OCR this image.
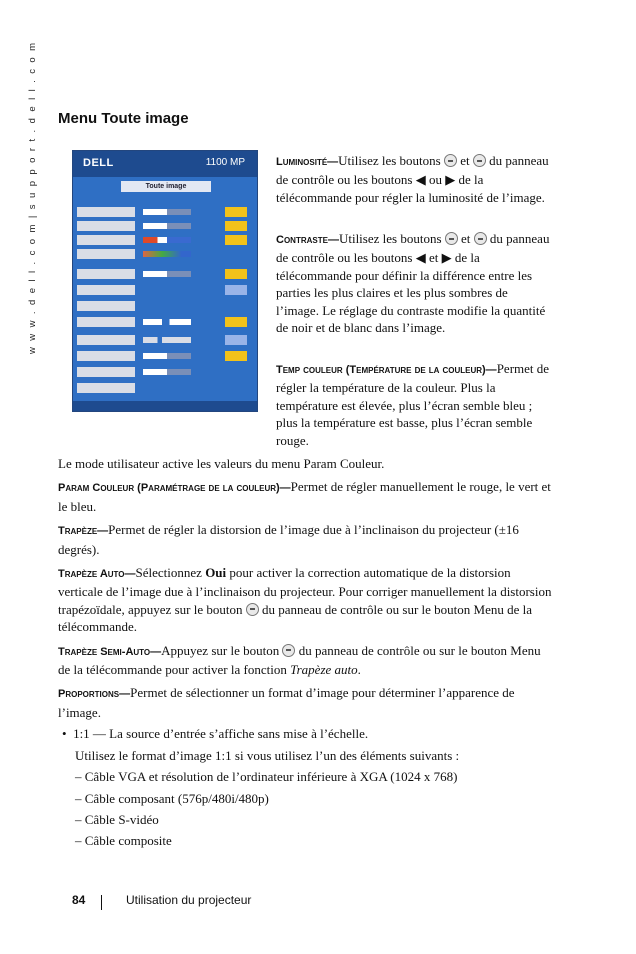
w w w . d e l l . c o m | s u p p o r t . d e l l . c o m Menu Toute image
DELL	1100 MP
Toute image

Luminosité—Utilisez les boutons et du panneau de contrôle ou les boutons ◀ ou ▶ de la télécommande pour régler la luminosité de l’image.

Contraste—Utilisez les boutons et du panneau de contrôle ou les boutons ◀ et ▶ de la télécommande pour définir la différence entre les parties les plus claires et les plus sombres de l’image. Le réglage du contraste modifie la quantité de noir et de blanc dans l’image.

Temp couleur (Température de la couleur)—Permet de régler la température de la couleur. Plus la température est élevée, plus l’écran semble bleu ; plus la température est basse, plus l’écran semble rouge.

Le mode utilisateur active les valeurs du menu Param Couleur.

Param Couleur (Paramétrage de la couleur)—Permet de régler manuellement le rouge, le vert et le bleu.

Trapèze—Permet de régler la distorsion de l’image due à l’inclinaison du projecteur (±16 degrés).

Trapèze Auto—Sélectionnez Oui pour activer la correction automatique de la distorsion verticale de l’image due à l’inclinaison du projecteur. Pour corriger manuellement la distorsion trapézoïdale, appuyez sur le bouton du panneau de contrôle ou sur le bouton Menu de la télécommande.

Trapèze Semi-Auto—Appuyez sur le bouton du panneau de contrôle ou sur le bouton Menu de la télécommande pour activer la fonction Trapèze auto.

Proportions—Permet de sélectionner un format d’image pour déterminer l’apparence de l’image.

• 1:1 — La source d’entrée s’affiche sans mise à l’échelle.

Utilisez le format d’image 1:1 si vous utilisez l’un des éléments suivants :

– Câble VGA et résolution de l’ordinateur inférieure à XGA (1024 x 768)

– Câble composant (576p/480i/480p)

– Câble S-vidéo

– Câble composite

84	Utilisation du projecteur
